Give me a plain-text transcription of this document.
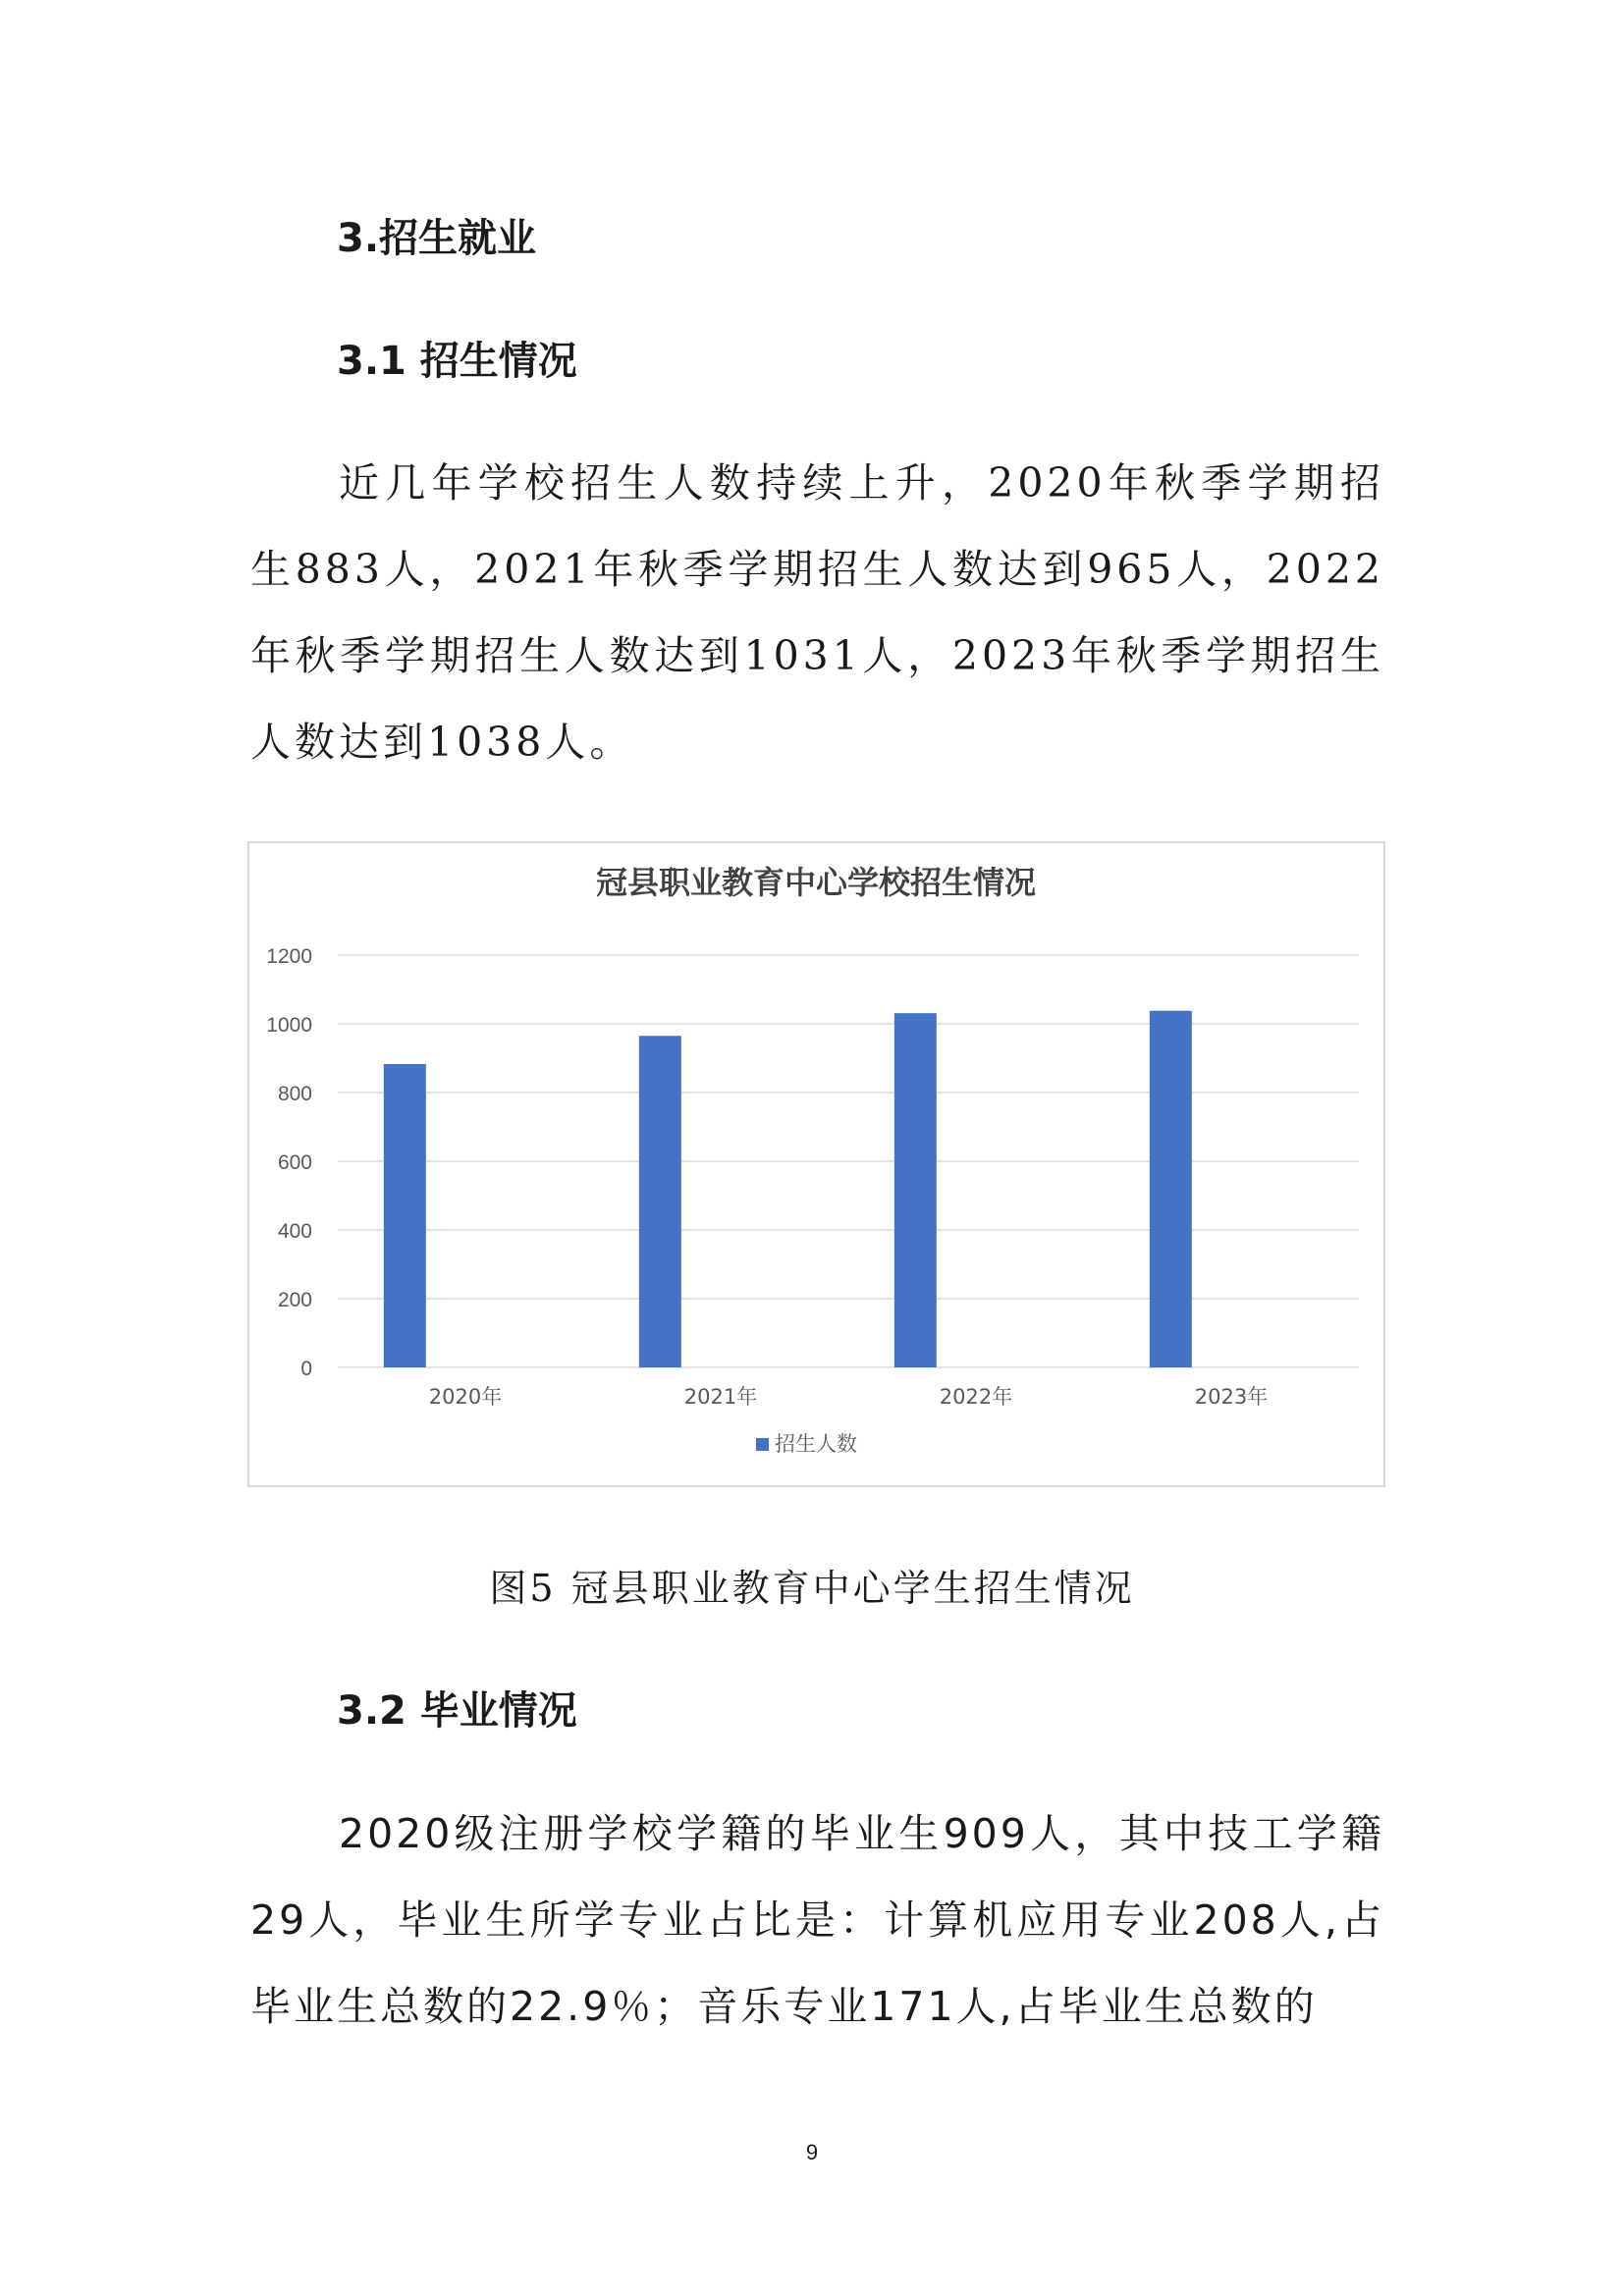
3.招生就业
3.1 招生情况

近几年学校招生人数持续上升，2020年秋季学期招生883人，2021年秋季学期招生人数达到965人，2022年秋季学期招生人数达到1031人，2023年秋季学期招生人数达到1038人。

冠县职业教育中心学校招生情况
0
200
400
600
800
1000
1200
2020年	2021年	2022年	2023年
招生人数

图5 冠县职业教育中心学生招生情况

3.2 毕业情况

2020级注册学校学籍的毕业生909人，其中技工学籍29人，毕业生所学专业占比是：计算机应用专业208人,占毕业生总数的22.9％；音乐专业171人,占毕业生总数的

9
